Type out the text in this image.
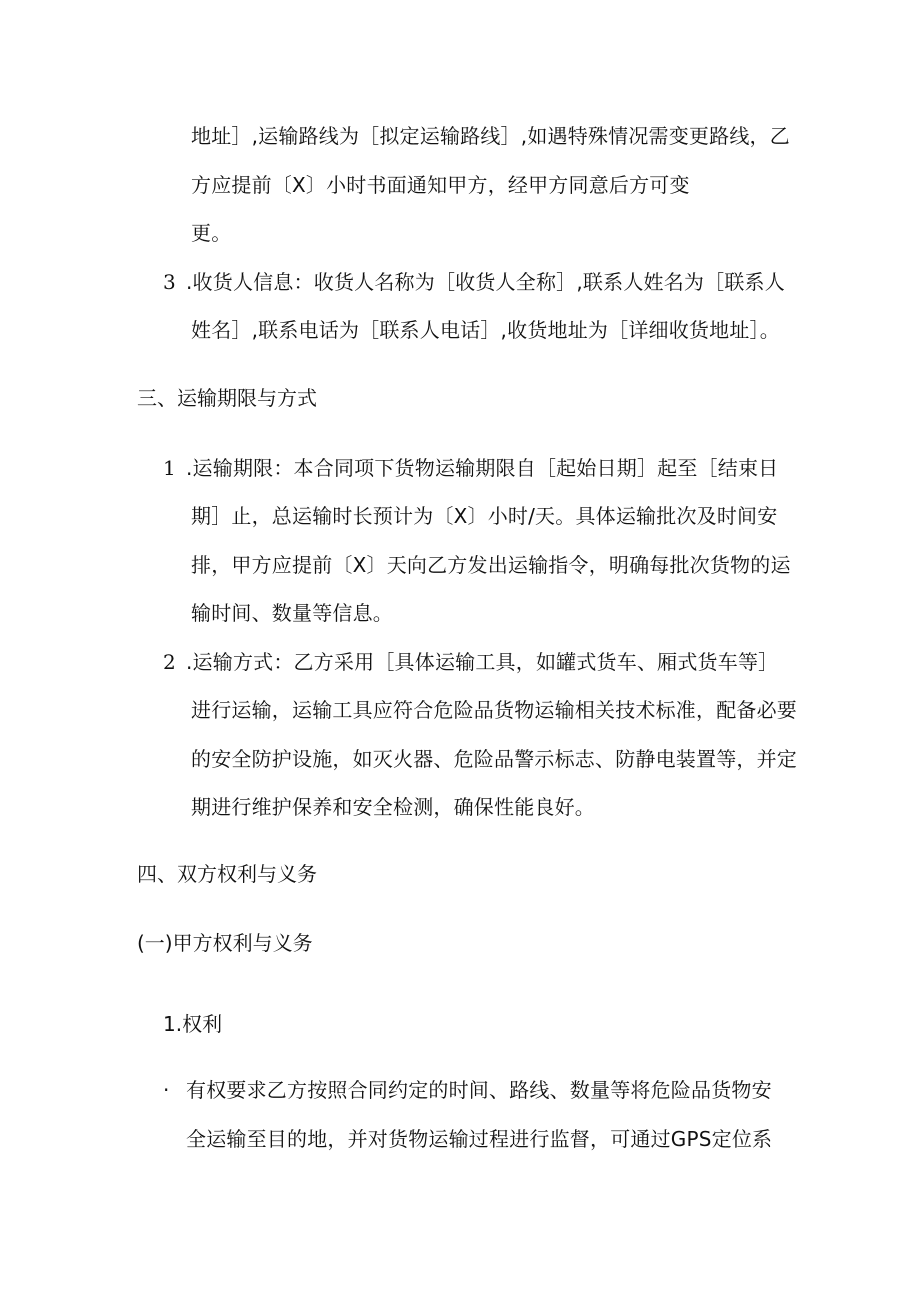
地址］,运输路线为［拟定运输路线］,如遇特殊情况需变更路线，乙
方应提前〔X〕小时书面通知甲方，经甲方同意后方可变
更。
3 .收货人信息：收货人名称为［收货人全称］,联系人姓名为［联系人
姓名］,联系电话为［联系人电话］,收货地址为［详细收货地址］。
三、运输期限与方式
1 .运输期限：本合同项下货物运输期限自［起始日期］起至［结束日
期］止，总运输时长预计为〔X〕小时/天。具体运输批次及时间安
排，甲方应提前〔X〕天向乙方发出运输指令，明确每批次货物的运
输时间、数量等信息。
2 .运输方式：乙方采用［具体运输工具，如罐式货车、厢式货车等］
进行运输，运输工具应符合危险品货物运输相关技术标准，配备必要
的安全防护设施，如灭火器、危险品警示标志、防静电装置等，并定
期进行维护保养和安全检测，确保性能良好。
四、双方权利与义务
(一)甲方权利与义务
1.权利
· 有权要求乙方按照合同约定的时间、路线、数量等将危险品货物安
全运输至目的地，并对货物运输过程进行监督，可通过GPS定位系
